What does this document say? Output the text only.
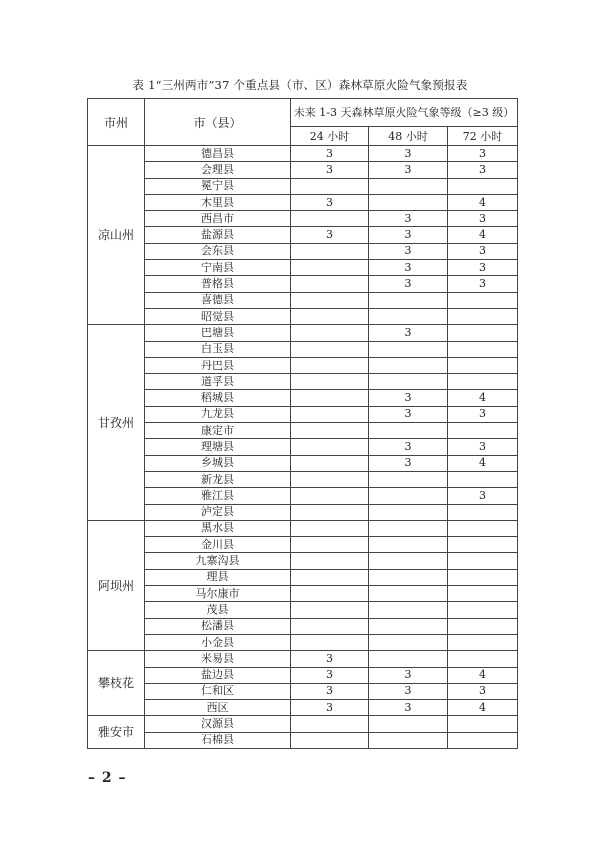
表 1“三州两市”37 个重点县（市、区）森林草原火险气象预报表
市州	市（县）	未来 1-3 天森林草原火险气象等级（≥3 级）		
		24 小时	48 小时	72 小时
凉山州	德昌县	3	3	3
	会理县	3	3	3
	冕宁县			
	木里县	3		4
	西昌市		3	3
	盐源县	3	3	4
	会东县		3	3
	宁南县		3	3
	普格县		3	3
	喜德县			
	昭觉县			
甘孜州	巴塘县		3	
	白玉县			
	丹巴县			
	道孚县			
	稻城县		3	4
	九龙县		3	3
	康定市			
	理塘县		3	3
	乡城县		3	4
	新龙县			
	雅江县			3
	泸定县			
阿坝州	黑水县			
	金川县			
	九寨沟县			
	理县			
	马尔康市			
	茂县			
	松潘县			
	小金县			
攀枝花	米易县	3		
	盐边县	3	3	4
	仁和区	3	3	3
	西区	3	3	4
雅安市	汉源县			
	石棉县			
– 2 –
